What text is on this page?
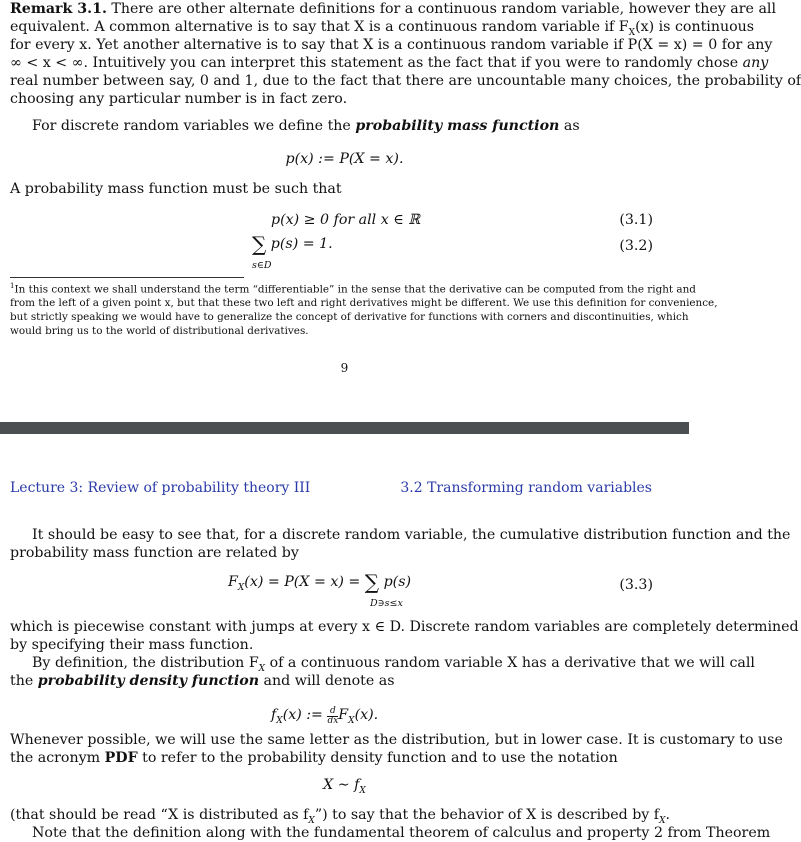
Remark 3.1. There are other alternate definitions for a continuous random variable, however they are all
equivalent. A common alternative is to say that X is a continuous random variable if $F_X(x)$ is continuous
for every x. Yet another alternative is to say that X is a continuous random variable if P(X = x) = 0 for any
∞ < x < ∞. Intuitively you can interpret this statement as the fact that if you were to randomly chose any
real number between say, 0 and 1, due to the fact that there are uncountable many choices, the probability of
choosing any particular number is in fact zero.
For discrete random variables we define the probability mass function as
p(x) := P(X = x).
A probability mass function must be such that
p(x) ≥ 0 for all x ∈ ℝ	(3.1)
∑ p(s) = 1.
s∈D
(3.2)
$^1$In this context we shall understand the term “differentiable” in the sense that the derivative can be computed from the right and
from the left of a given point x, but that these two left and right derivatives might be different. We use this definition for convenience,
but strictly speaking we would have to generalize the concept of derivative for functions with corners and discontinuities, which
would bring us to the world of distributional derivatives.
9
Lecture 3: Review of probability theory III	3.2 Transforming random variables
It should be easy to see that, for a discrete random variable, the cumulative distribution function and the
probability mass function are related by
$F_X(x) = P(X = x)$ = ∑ p(s)
D∋s≤x
(3.3)
which is piecewise constant with jumps at every x ∈ D. Discrete random variables are completely determined
by specifying their mass function.
By definition, the distribution $F_X$ of a continuous random variable X has a derivative that we will call
the probability density function and will denote as
$f_X(x)$ := $\frac{d}{dx} F_X(x)$.
Whenever possible, we will use the same letter as the distribution, but in lower case. It is customary to use
the acronym PDF to refer to the probability density function and to use the notation
X ∼ $f_X$
(that should be read “X is distributed as $f_X$”) to say that the behavior of X is described by $f_X$.
Note that the definition along with the fundamental theorem of calculus and property 2 from Theorem
